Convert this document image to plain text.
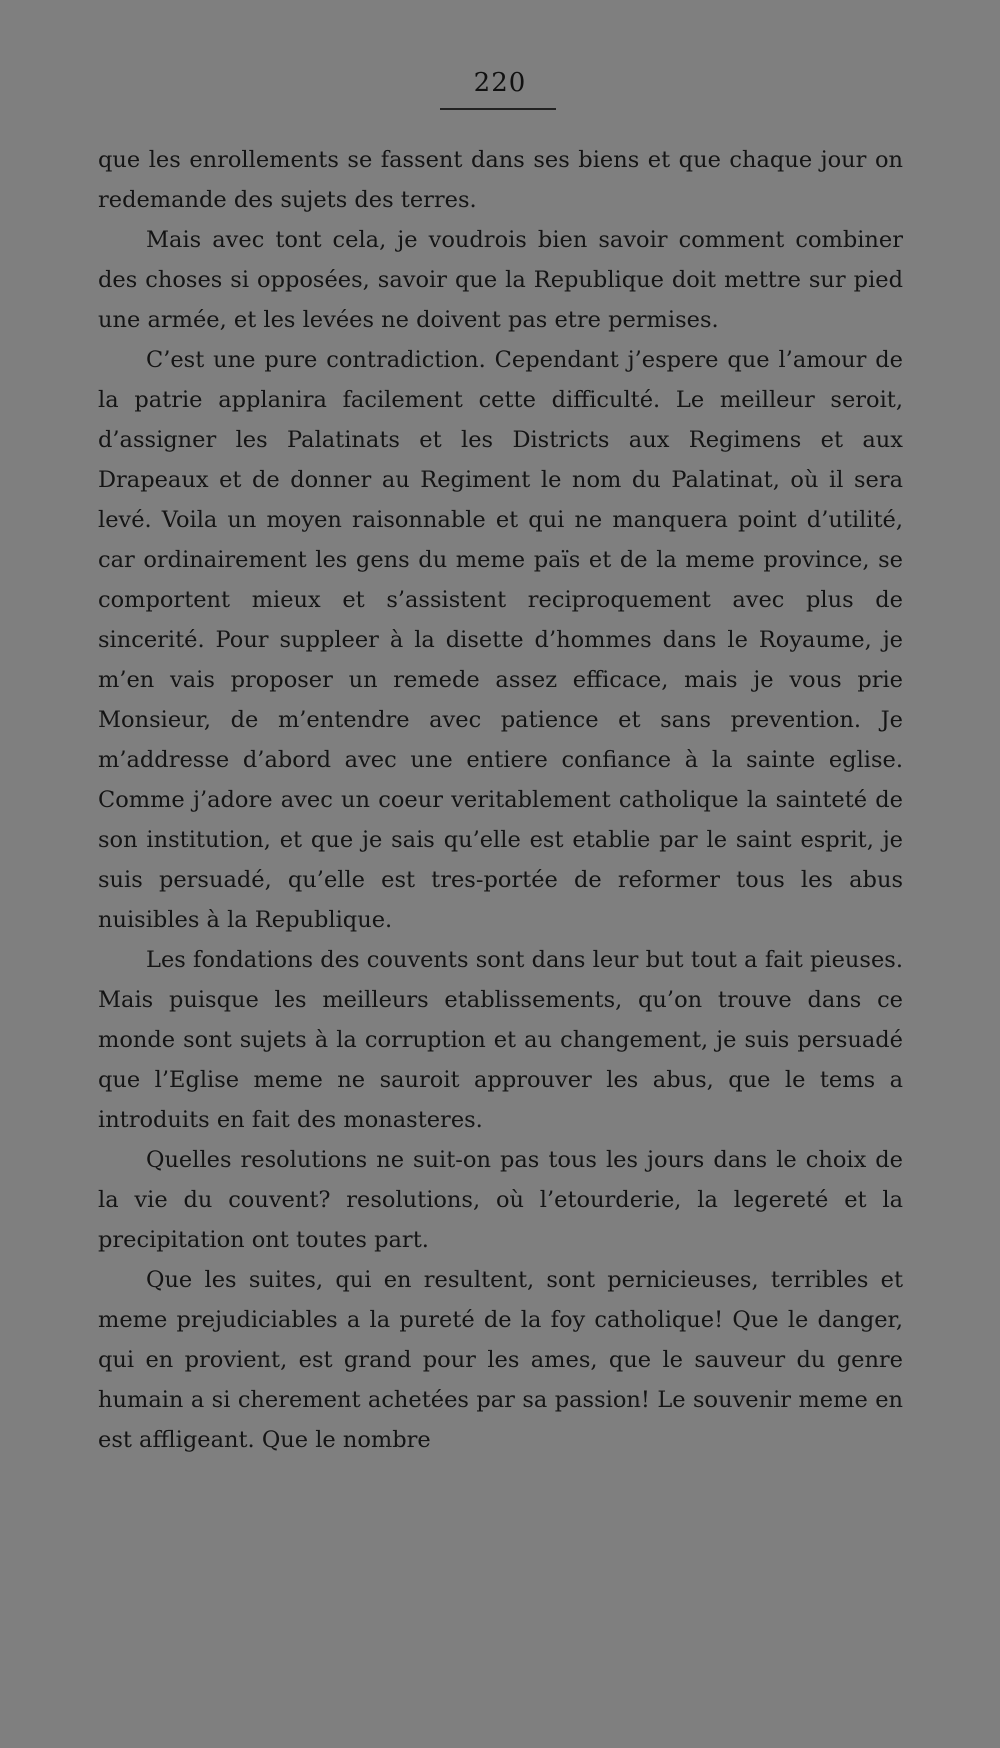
220

que les enrollements se fassent dans ses biens et que chaque jour on redemande des sujets des terres.

Mais avec tont cela, je voudrois bien savoir comment combiner des choses si opposées, savoir que la Republique doit mettre sur pied une armée, et les levées ne doivent pas etre permises.

C’est une pure contradiction. Cependant j’espere que l’amour de la patrie applanira facilement cette difficulté. Le meilleur seroit, d’assigner les Palatinats et les Districts aux Regimens et aux Drapeaux et de donner au Regiment le nom du Palatinat, où il sera levé. Voila un moyen raisonnable et qui ne manquera point d’utilité, car ordinairement les gens du meme païs et de la meme province, se comportent mieux et s’assistent reciproquement avec plus de sincerité. Pour suppleer à la disette d’hommes dans le Royaume, je m’en vais proposer un remede assez efficace, mais je vous prie Monsieur, de m’entendre avec patience et sans prevention. Je m’addresse d’abord avec une entiere confiance à la sainte eglise. Comme j’adore avec un coeur veritablement catholique la sainteté de son institution, et que je sais qu’elle est etablie par le saint esprit, je suis persuadé, qu’elle est tres-portée de reformer tous les abus nuisibles à la Republique.

Les fondations des couvents sont dans leur but tout a fait pieuses. Mais puisque les meilleurs etablissements, qu’on trouve dans ce monde sont sujets à la corruption et au changement, je suis persuadé que l’Eglise meme ne sauroit approuver les abus, que le tems a introduits en fait des monasteres.

Quelles resolutions ne suit-on pas tous les jours dans le choix de la vie du couvent? resolutions, où l’etourderie, la legereté et la precipitation ont toutes part.

Que les suites, qui en resultent, sont pernicieuses, terribles et meme prejudiciables a la pureté de la foy catholique! Que le danger, qui en provient, est grand pour les ames, que le sauveur du genre humain a si cherement achetées par sa passion! Le souvenir meme en est affligeant. Que le nombre
